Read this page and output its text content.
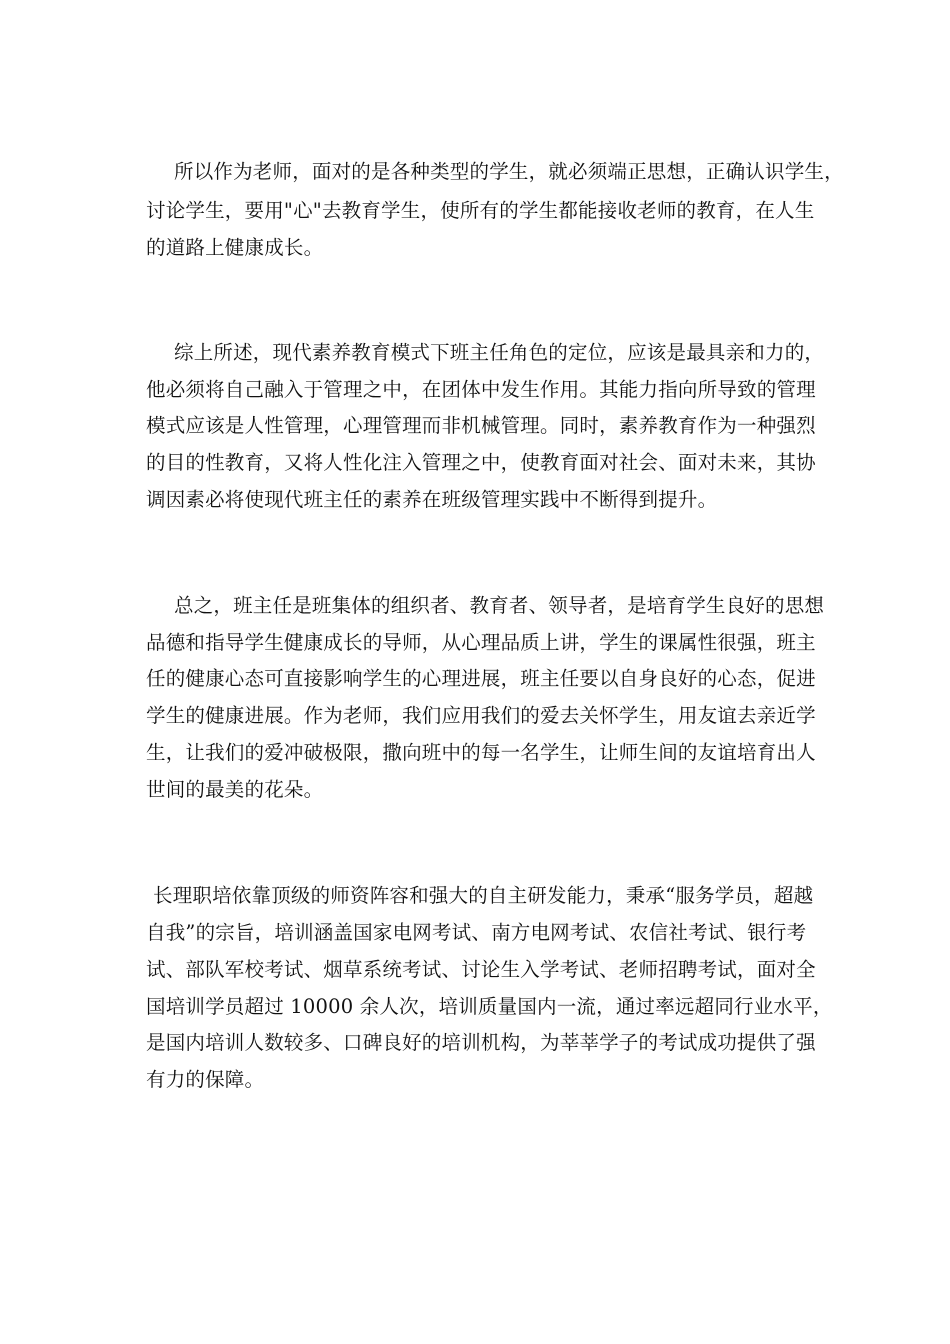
所以作为老师，面对的是各种类型的学生，就必须端正思想，正确认识学生，
讨论学生，要用"心"去教育学生，使所有的学生都能接收老师的教育，在人生
的道路上健康成长。
综上所述，现代素养教育模式下班主任角色的定位，应该是最具亲和力的，
他必须将自己融入于管理之中，在团体中发生作用。其能力指向所导致的管理
模式应该是人性管理，心理管理而非机械管理。同时，素养教育作为一种强烈
的目的性教育，又将人性化注入管理之中，使教育面对社会、面对未来，其协
调因素必将使现代班主任的素养在班级管理实践中不断得到提升。
总之，班主任是班集体的组织者、教育者、领导者，是培育学生良好的思想
品德和指导学生健康成长的导师，从心理品质上讲，学生的课属性很强，班主
任的健康心态可直接影响学生的心理进展，班主任要以自身良好的心态，促进
学生的健康进展。作为老师，我们应用我们的爱去关怀学生，用友谊去亲近学
生，让我们的爱冲破极限，撒向班中的每一名学生，让师生间的友谊培育出人
世间的最美的花朵。
长理职培依靠顶级的师资阵容和强大的自主研发能力，秉承“服务学员，超越
自我”的宗旨，培训涵盖国家电网考试、南方电网考试、农信社考试、银行考
试、部队军校考试、烟草系统考试、讨论生入学考试、老师招聘考试，面对全
国培训学员超过 10000 余人次，培训质量国内一流，通过率远超同行业水平，
是国内培训人数较多、口碑良好的培训机构，为莘莘学子的考试成功提供了强
有力的保障。
